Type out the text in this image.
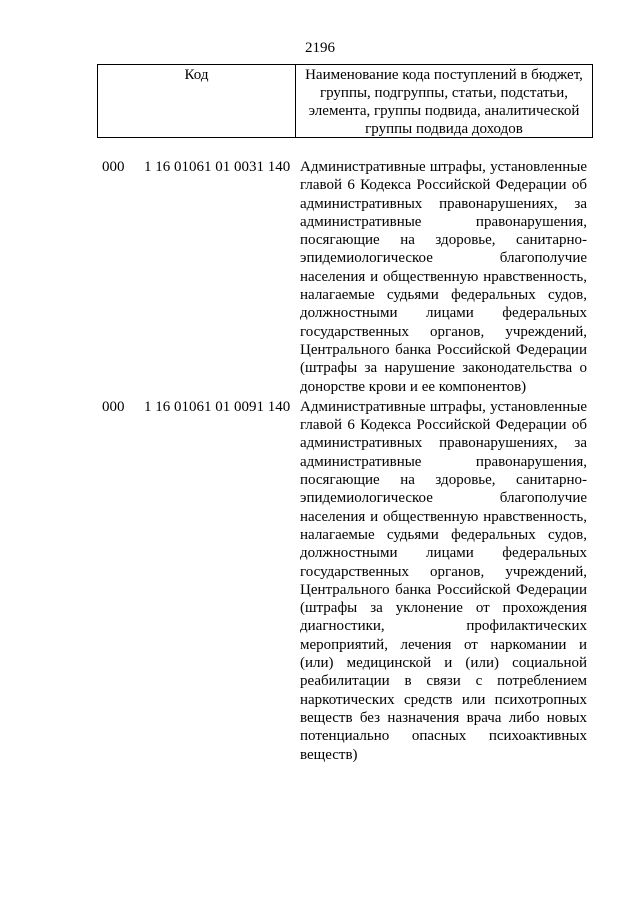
2196
Код	Наименование кода поступлений в бюджет, группы, подгруппы, статьи, подстатьи, элемента, группы подвида, аналитической группы подвида доходов
000	1 16 01061 01 0031 140 Административные штрафы, установленные главой 6 Кодекса Российской Федерации об административных правонарушениях, за административные правонарушения, посягающие на здоровье, санитарно-эпидемиологическое благополучие населения и общественную нравственность, налагаемые судьями федеральных судов, должностными лицами федеральных государственных органов, учреждений, Центрального банка Российской Федерации (штрафы за нарушение законодательства о донорстве крови и ее компонентов)
000	1 16 01061 01 0091 140 Административные штрафы, установленные главой 6 Кодекса Российской Федерации об административных правонарушениях, за административные правонарушения, посягающие на здоровье, санитарно-эпидемиологическое благополучие населения и общественную нравственность, налагаемые судьями федеральных судов, должностными лицами федеральных государственных органов, учреждений, Центрального банка Российской Федерации (штрафы за уклонение от прохождения диагностики, профилактических мероприятий, лечения от наркомании и (или) медицинской и (или) социальной реабилитации в связи с потреблением наркотических средств или психотропных веществ без назначения врача либо новых потенциально опасных психоактивных веществ)
